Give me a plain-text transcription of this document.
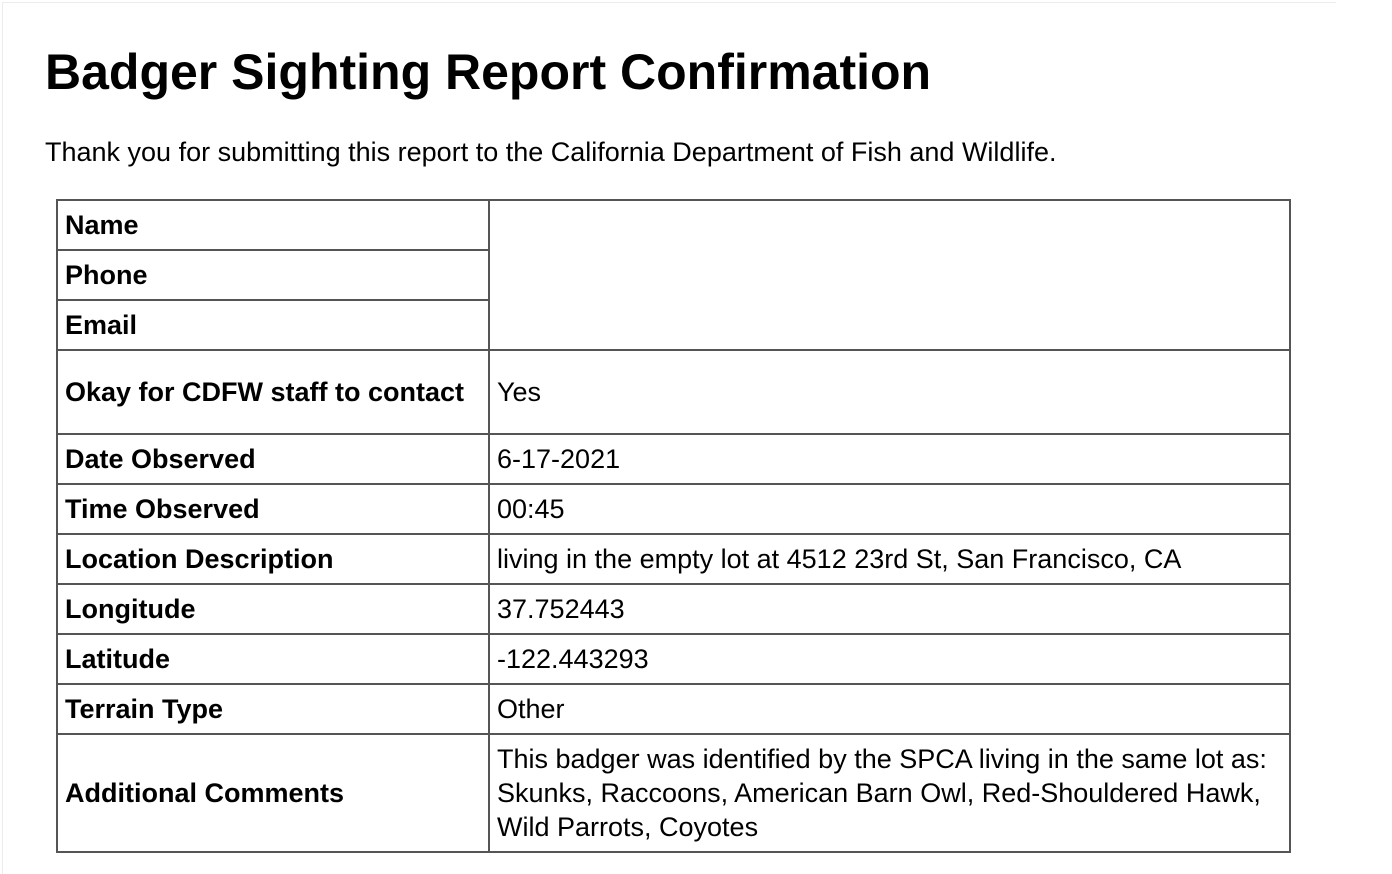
Badger Sighting Report Confirmation

Thank you for submitting this report to the California Department of Fish and Wildlife.

Name	
Phone	
Email	
Okay for CDFW staff to contact	Yes
Date Observed	6-17-2021
Time Observed	00:45
Location Description	living in the empty lot at 4512 23rd St, San Francisco, CA
Longitude	37.752443
Latitude	-122.443293
Terrain Type	Other
Additional Comments	This badger was identified by the SPCA living in the same lot as: Skunks, Raccoons, American Barn Owl, Red-Shouldered Hawk, Wild Parrots, Coyotes
